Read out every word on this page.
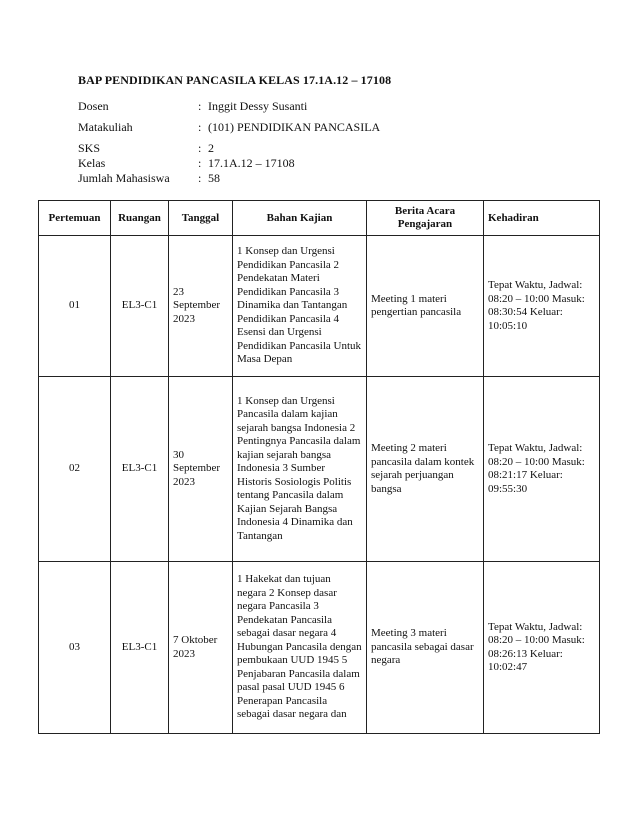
BAP PENDIDIKAN PANCASILA KELAS 17.1A.12 – 17108
Dosen	: Inggit Dessy Susanti
Matakuliah	: (101) PENDIDIKAN PANCASILA
SKS	: 2
Kelas	: 17.1A.12 – 17108
Jumlah Mahasiswa	: 58
Pertemuan	Ruangan	Tanggal	Bahan Kajian	Berita Acara Pengajaran	Kehadiran
01	EL3-C1	23 September 2023	1 Konsep dan Urgensi Pendidikan Pancasila 2 Pendekatan Materi Pendidikan Pancasila 3 Dinamika dan Tantangan Pendidikan Pancasila 4 Esensi dan Urgensi Pendidikan Pancasila Untuk Masa Depan	Meeting 1 materi pengertian pancasila	Tepat Waktu, Jadwal: 08:20 – 10:00 Masuk: 08:30:54 Keluar: 10:05:10
02	EL3-C1	30 September 2023	1 Konsep dan Urgensi Pancasila dalam kajian sejarah bangsa Indonesia 2 Pentingnya Pancasila dalam kajian sejarah bangsa Indonesia 3 Sumber Historis Sosiologis Politis tentang Pancasila dalam Kajian Sejarah Bangsa Indonesia 4 Dinamika dan Tantangan	Meeting 2 materi pancasila dalam kontek sejarah perjuangan bangsa	Tepat Waktu, Jadwal: 08:20 – 10:00 Masuk: 08:21:17 Keluar: 09:55:30
03	EL3-C1	7 Oktober 2023	1 Hakekat dan tujuan negara 2 Konsep dasar negara Pancasila 3 Pendekatan Pancasila sebagai dasar negara 4 Hubungan Pancasila dengan pembukaan UUD 1945 5 Penjabaran Pancasila dalam pasal pasal UUD 1945 6 Penerapan Pancasila sebagai dasar negara dan	Meeting 3 materi pancasila sebagai dasar negara	Tepat Waktu, Jadwal: 08:20 – 10:00 Masuk: 08:26:13 Keluar: 10:02:47
